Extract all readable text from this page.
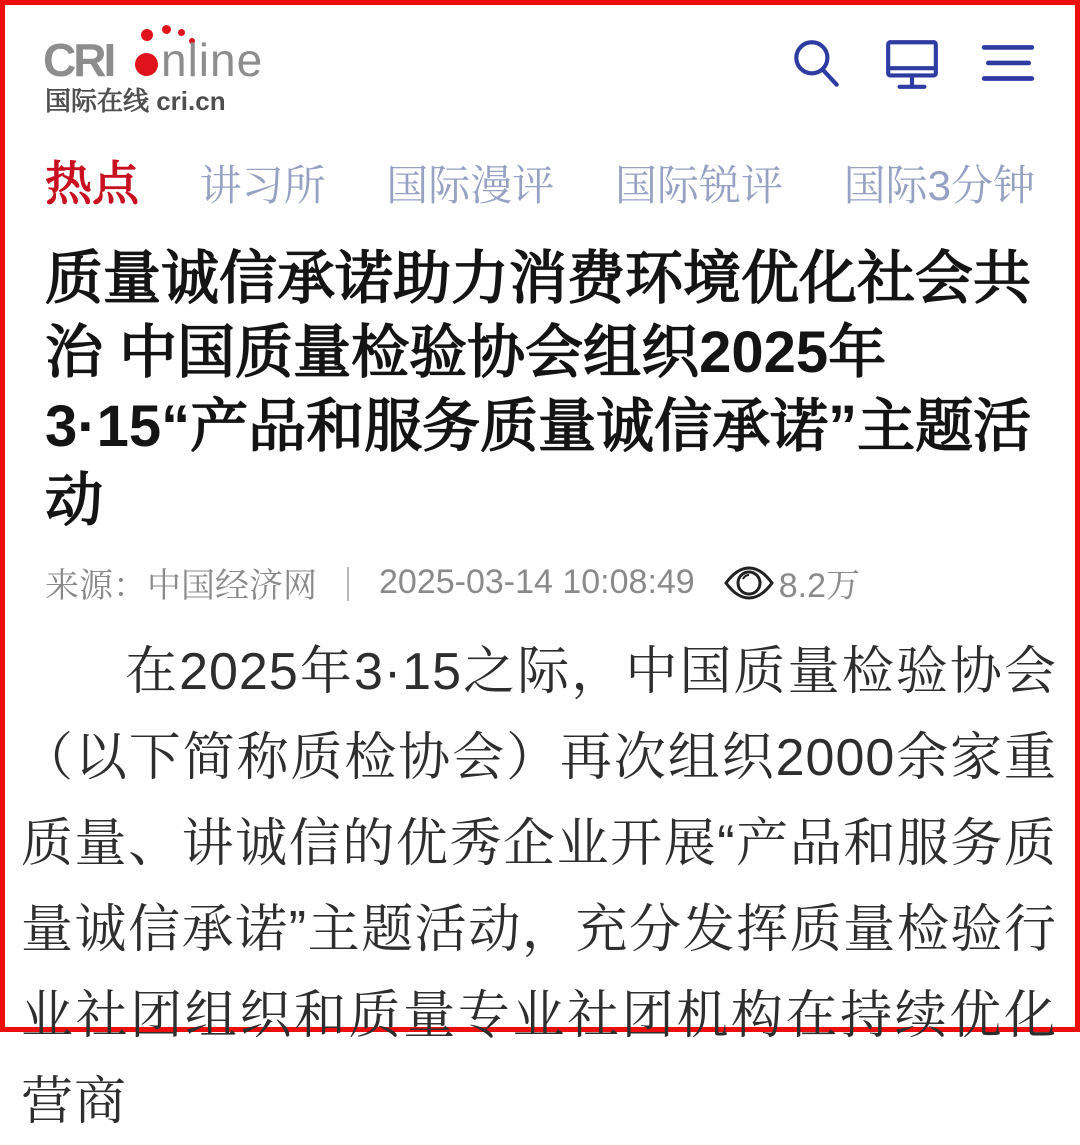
CRI nline
国际在线 cri.cn
热点 讲习所 国际漫评 国际锐评 国际3分钟
质量诚信承诺助力消费环境优化社会共治 中国质量检验协会组织2025年3·15“产品和服务质量诚信承诺”主题活动
来源：中国经济网 ｜ 2025-03-14 10:08:49 8.2万

在2025年3·15之际，中国质量检验协会（以下简称质检协会）再次组织2000余家重质量、讲诚信的优秀企业开展“产品和服务质量诚信承诺”主题活动，充分发挥质量检验行业社团组织和质量专业社团机构在持续优化营商
